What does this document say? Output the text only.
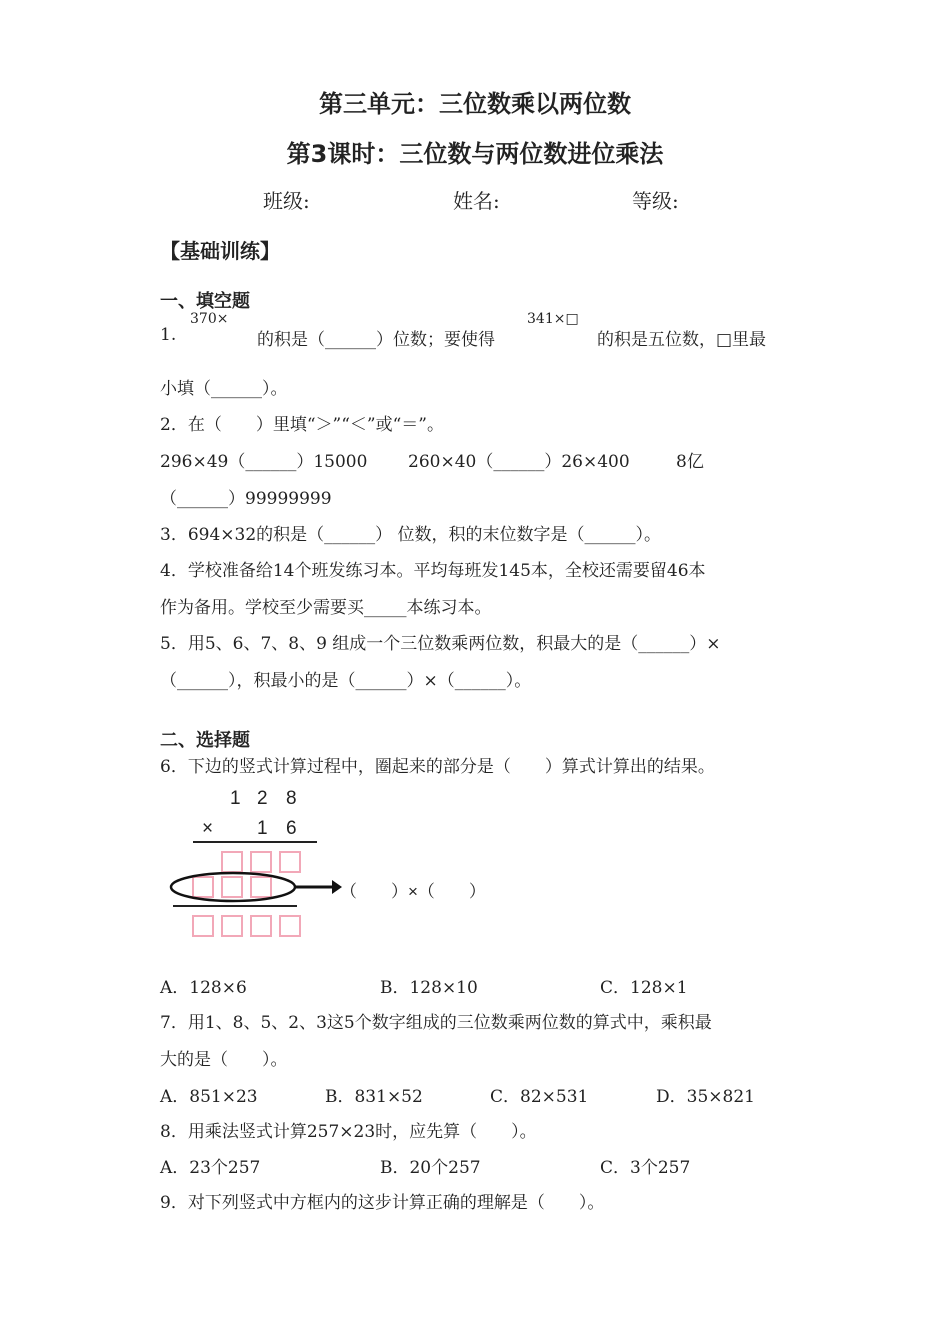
第三单元：三位数乘以两位数
第3课时：三位数与两位数进位乘法
班级:	姓名:	等级:
【基础训练】
一、填空题
1.
370×
的积是（______）位数；要使得
341×□
的积是五位数，□里最
小填（______）。
2．在（　　）里填“＞”“＜”或“＝”。
296×49（______）15000 260×40（______）26×400	8亿
（______）99999999
3．694×32的积是（______） 位数，积的末位数字是（______）。
4．学校准备给14个班发练习本。平均每班发145本，全校还需要留46本
作为备用。学校至少需要买_____本练习本。
5．用5、6、7、8、9 组成一个三位数乘两位数，积最大的是（______）×
（______），积最小的是（______）×（______）。
二、选择题
6．下边的竖式计算过程中，圈起来的部分是（　　）算式计算出的结果。
1 2 8
× 1 6
（　　）×（　　）
A．128×6	B．128×10	C．128×1
7．用1、8、5、2、3这5个数字组成的三位数乘两位数的算式中，乘积最
大的是（　　）。
A．851×23	B．831×52	C．82×531	D．35×821
8．用乘法竖式计算257×23时，应先算（　　）。
A．23个257	B．20个257	C．3个257
9．对下列竖式中方框内的这步计算正确的理解是（　　）。
